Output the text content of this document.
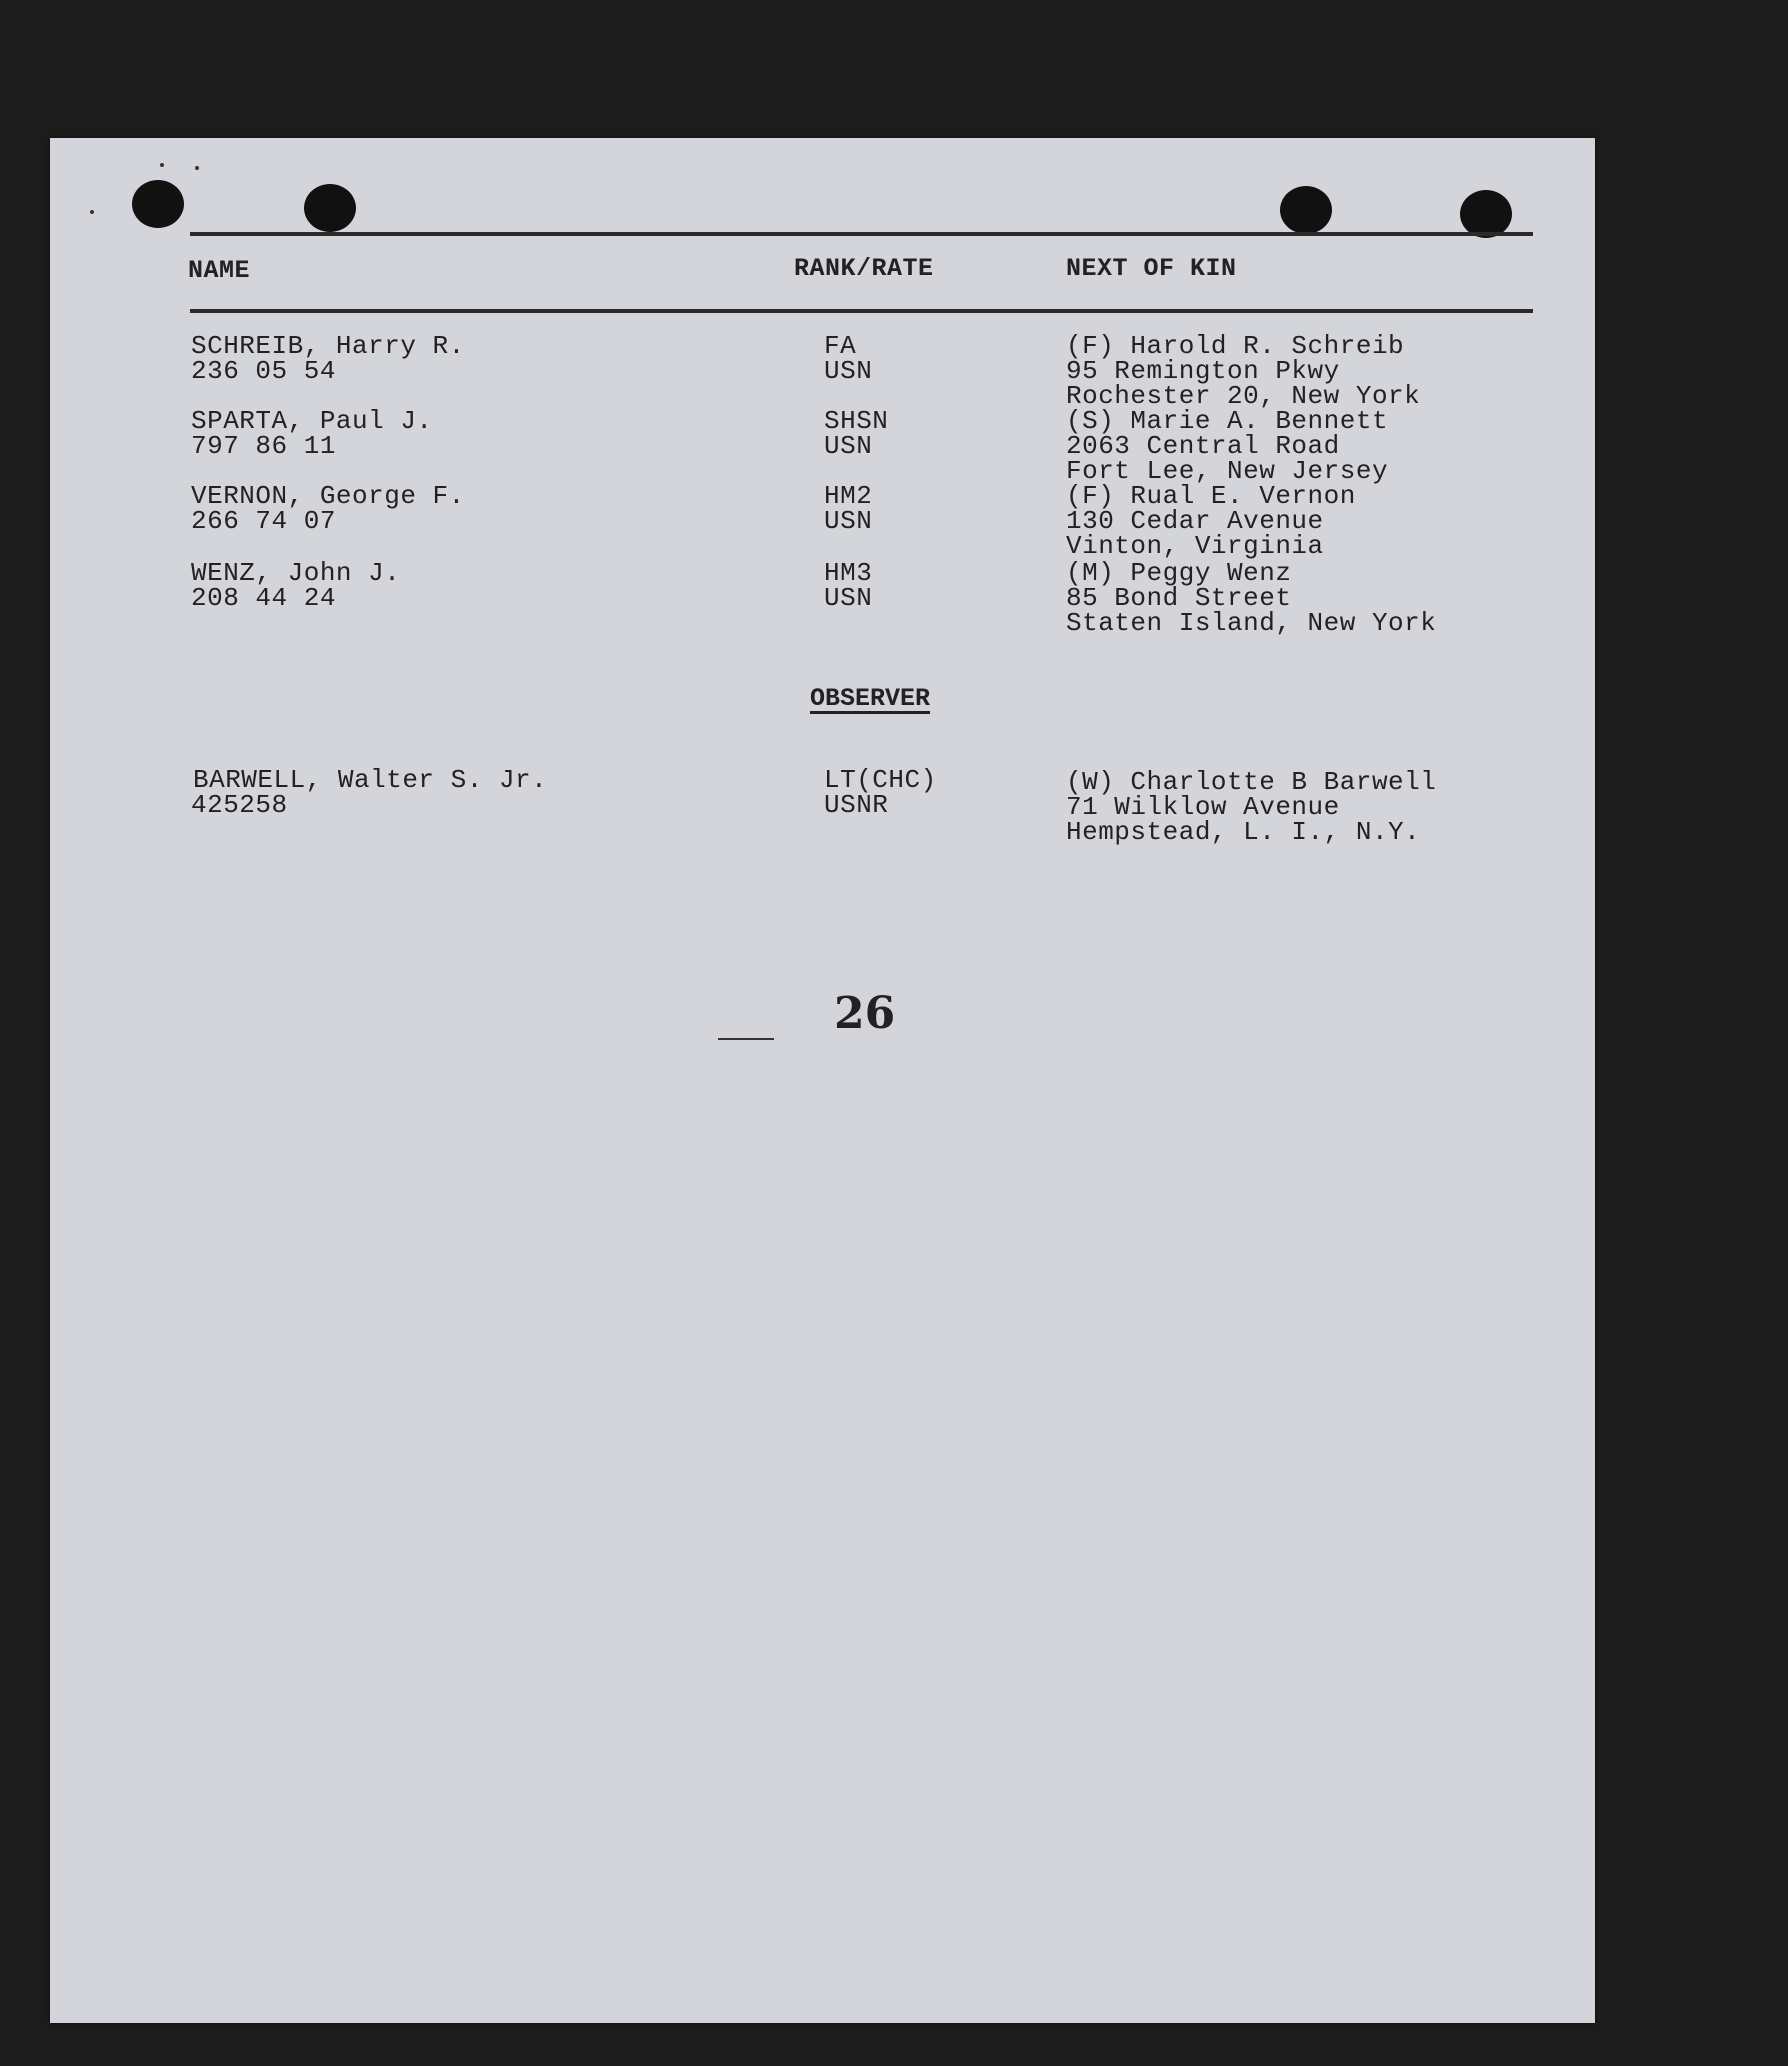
NAME	RANK/RATE	NEXT OF KIN
SCHREIB, Harry R.
236 05 54
FA
USN
(F) Harold R. Schreib
95 Remington Pkwy
Rochester 20, New York
SPARTA, Paul J.
797 86 11
SHSN
USN
(S) Marie A. Bennett
2063 Central Road
Fort Lee, New Jersey
VERNON, George F.
266 74 07
HM2
USN
(F) Rual E. Vernon
130 Cedar Avenue
Vinton, Virginia
WENZ, John J.
208 44 24
HM3
USN
(M) Peggy Wenz
85 Bond Street
Staten Island, New York
OBSERVER
BARWELL, Walter S. Jr.
425258
LT(CHC)
USNR
(W) Charlotte B Barwell
71 Wilklow Avenue
Hempstead, L. I., N.Y.
26
